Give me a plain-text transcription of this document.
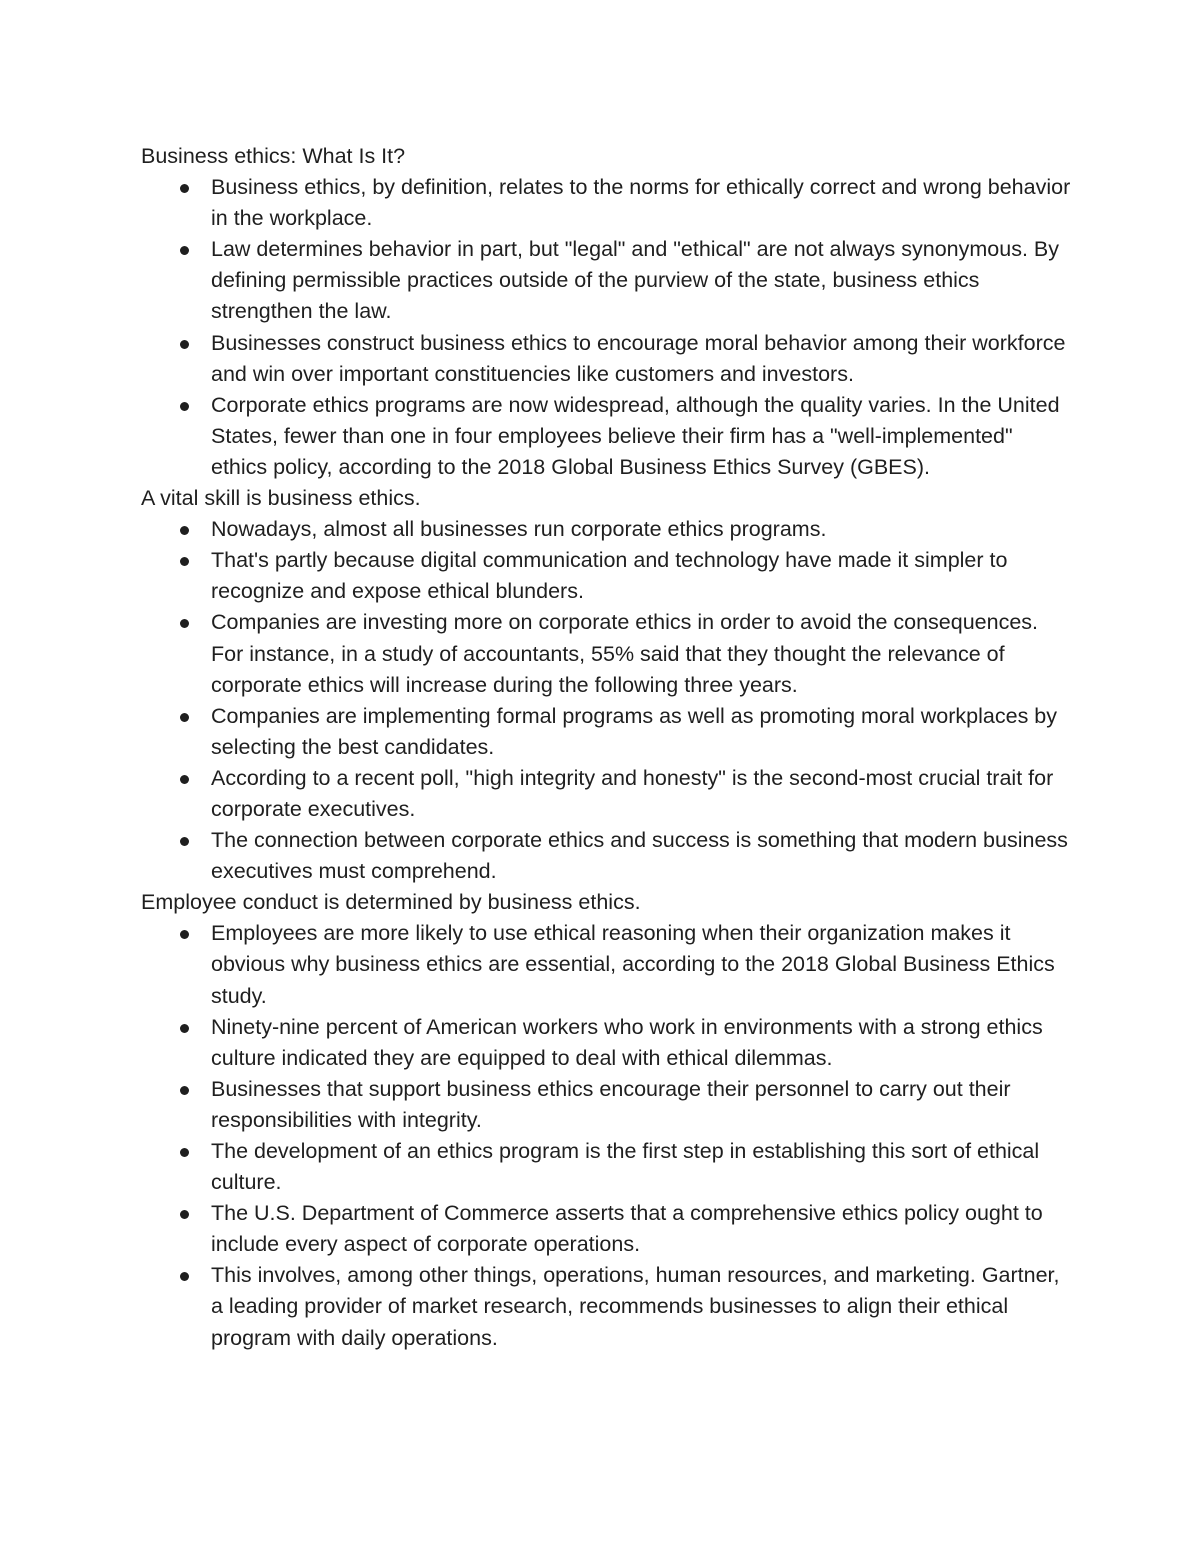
Business ethics: What Is It?

Business ethics, by definition, relates to the norms for ethically correct and wrong behavior in the workplace.
Law determines behavior in part, but "legal" and "ethical" are not always synonymous. By defining permissible practices outside of the purview of the state, business ethics strengthen the law.
Businesses construct business ethics to encourage moral behavior among their workforce and win over important constituencies like customers and investors.
Corporate ethics programs are now widespread, although the quality varies. In the United States, fewer than one in four employees believe their firm has a "well-implemented" ethics policy, according to the 2018 Global Business Ethics Survey (GBES).

A vital skill is business ethics.

Nowadays, almost all businesses run corporate ethics programs.
That's partly because digital communication and technology have made it simpler to recognize and expose ethical blunders.
Companies are investing more on corporate ethics in order to avoid the consequences. For instance, in a study of accountants, 55% said that they thought the relevance of corporate ethics will increase during the following three years.
Companies are implementing formal programs as well as promoting moral workplaces by selecting the best candidates.
According to a recent poll, "high integrity and honesty" is the second-most crucial trait for corporate executives.
The connection between corporate ethics and success is something that modern business executives must comprehend.

Employee conduct is determined by business ethics.

Employees are more likely to use ethical reasoning when their organization makes it obvious why business ethics are essential, according to the 2018 Global Business Ethics study.
Ninety-nine percent of American workers who work in environments with a strong ethics culture indicated they are equipped to deal with ethical dilemmas.
Businesses that support business ethics encourage their personnel to carry out their responsibilities with integrity.
The development of an ethics program is the first step in establishing this sort of ethical culture.
The U.S. Department of Commerce asserts that a comprehensive ethics policy ought to include every aspect of corporate operations.
This involves, among other things, operations, human resources, and marketing. Gartner, a leading provider of market research, recommends businesses to align their ethical program with daily operations.
